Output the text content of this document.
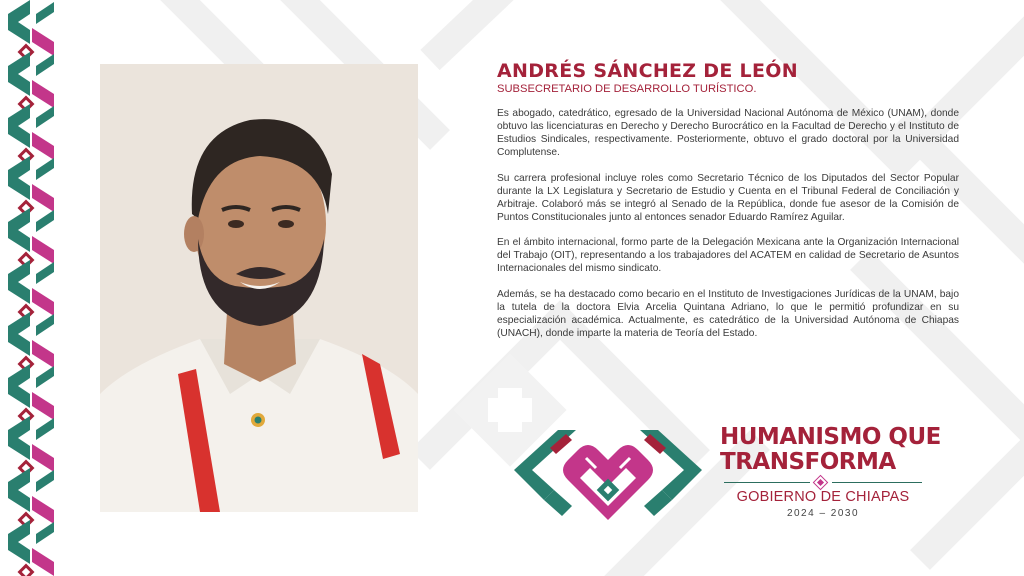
ANDRÉS SÁNCHEZ DE LEÓN
SUBSECRETARIO DE DESARROLLO TURÍSTICO.

Es abogado, catedrático, egresado de la Universidad Nacional Autónoma de México (UNAM), donde obtuvo las licenciaturas en Derecho y Derecho Burocrático en la Facultad de Derecho y el Instituto de Estudios Sindicales, respectivamente. Posteriormente, obtuvo el grado doctoral por la Universidad Complutense.

Su carrera profesional incluye roles como Secretario Técnico de los Diputados del Sector Popular durante la LX Legislatura y Secretario de Estudio y Cuenta en el Tribunal Federal de Conciliación y Arbitraje. Colaboró más se integró al Senado de la República, donde fue asesor de la Comisión de Puntos Constitucionales junto al entonces senador Eduardo Ramírez Aguilar.

En el ámbito internacional, formo parte de la Delegación Mexicana ante la Organización Internacional del Trabajo (OIT), representando a los trabajadores del ACATEM en calidad de Secretario de Asuntos Internacionales del mismo sindicato.

Además, se ha destacado como becario en el Instituto de Investigaciones Jurídicas de la UNAM, bajo la tutela de la doctora Elvia Arcelia Quintana Adriano, lo que le permitió profundizar en su especialización académica. Actualmente, es catedrático de la Universidad Autónoma de Chiapas (UNACH), donde imparte la materia de Teoría del Estado.

HUMANISMO QUE
TRANSFORMA
GOBIERNO DE CHIAPAS
2024 – 2030
